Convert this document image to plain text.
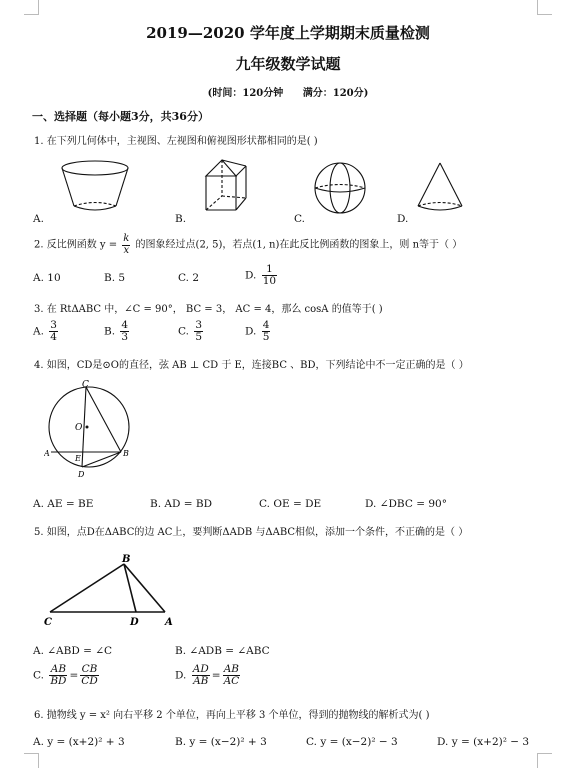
2019—2020 学年度上学期期末质量检测
九年级数学试题
(时间：120分钟 满分：120分)
一、选择题（每小题3分，共36分）
1. 在下列几何体中，主视图、左视图和俯视图形状都相同的是( )
A.	B.	C.	D.
2. 反比例函数 $y = \frac{k}{x}$ 的图象经过点(2, 5)，若点(1, n)在此反比例函数的图象上，则 n等于（ ）
A. 10	B. 5	C. 2	D. $\frac{1}{10}$
3. 在 RtΔABC 中，∠C = 90°， BC = 3， AC = 4，那么 cosA 的值等于( )
A. $\frac{3}{4}$	B. $\frac{4}{3}$	C. $\frac{3}{5}$	D. $\frac{4}{5}$
4. 如图，CD是⊙O的直径，弦 AB ⊥ CD 于 E，连接BC 、BD，下列结论中不一定正确的是（ ）
C
O
A
E
B
D
A. AE = BE	B. AD = BD	C. OE = DE	D. ∠DBC = 90°
5. 如图，点D在ΔABC的边 AC上，要判断ΔADB 与ΔABC相似，添加一个条件，不正确的是（ ）
B
C	D	A
A. ∠ABD = ∠C	B. ∠ADB = ∠ABC
C. $\frac{AB}{BD} = \frac{CB}{CD}$	D. $\frac{AD}{AB} = \frac{AB}{AC}$
6. 抛物线 y = x² 向右平移 2 个单位，再向上平移 3 个单位，得到的抛物线的解析式为( )
A. y = (x+2)² + 3	B. y = (x−2)² + 3	C. y = (x−2)² − 3	D. y = (x+2)² − 3
